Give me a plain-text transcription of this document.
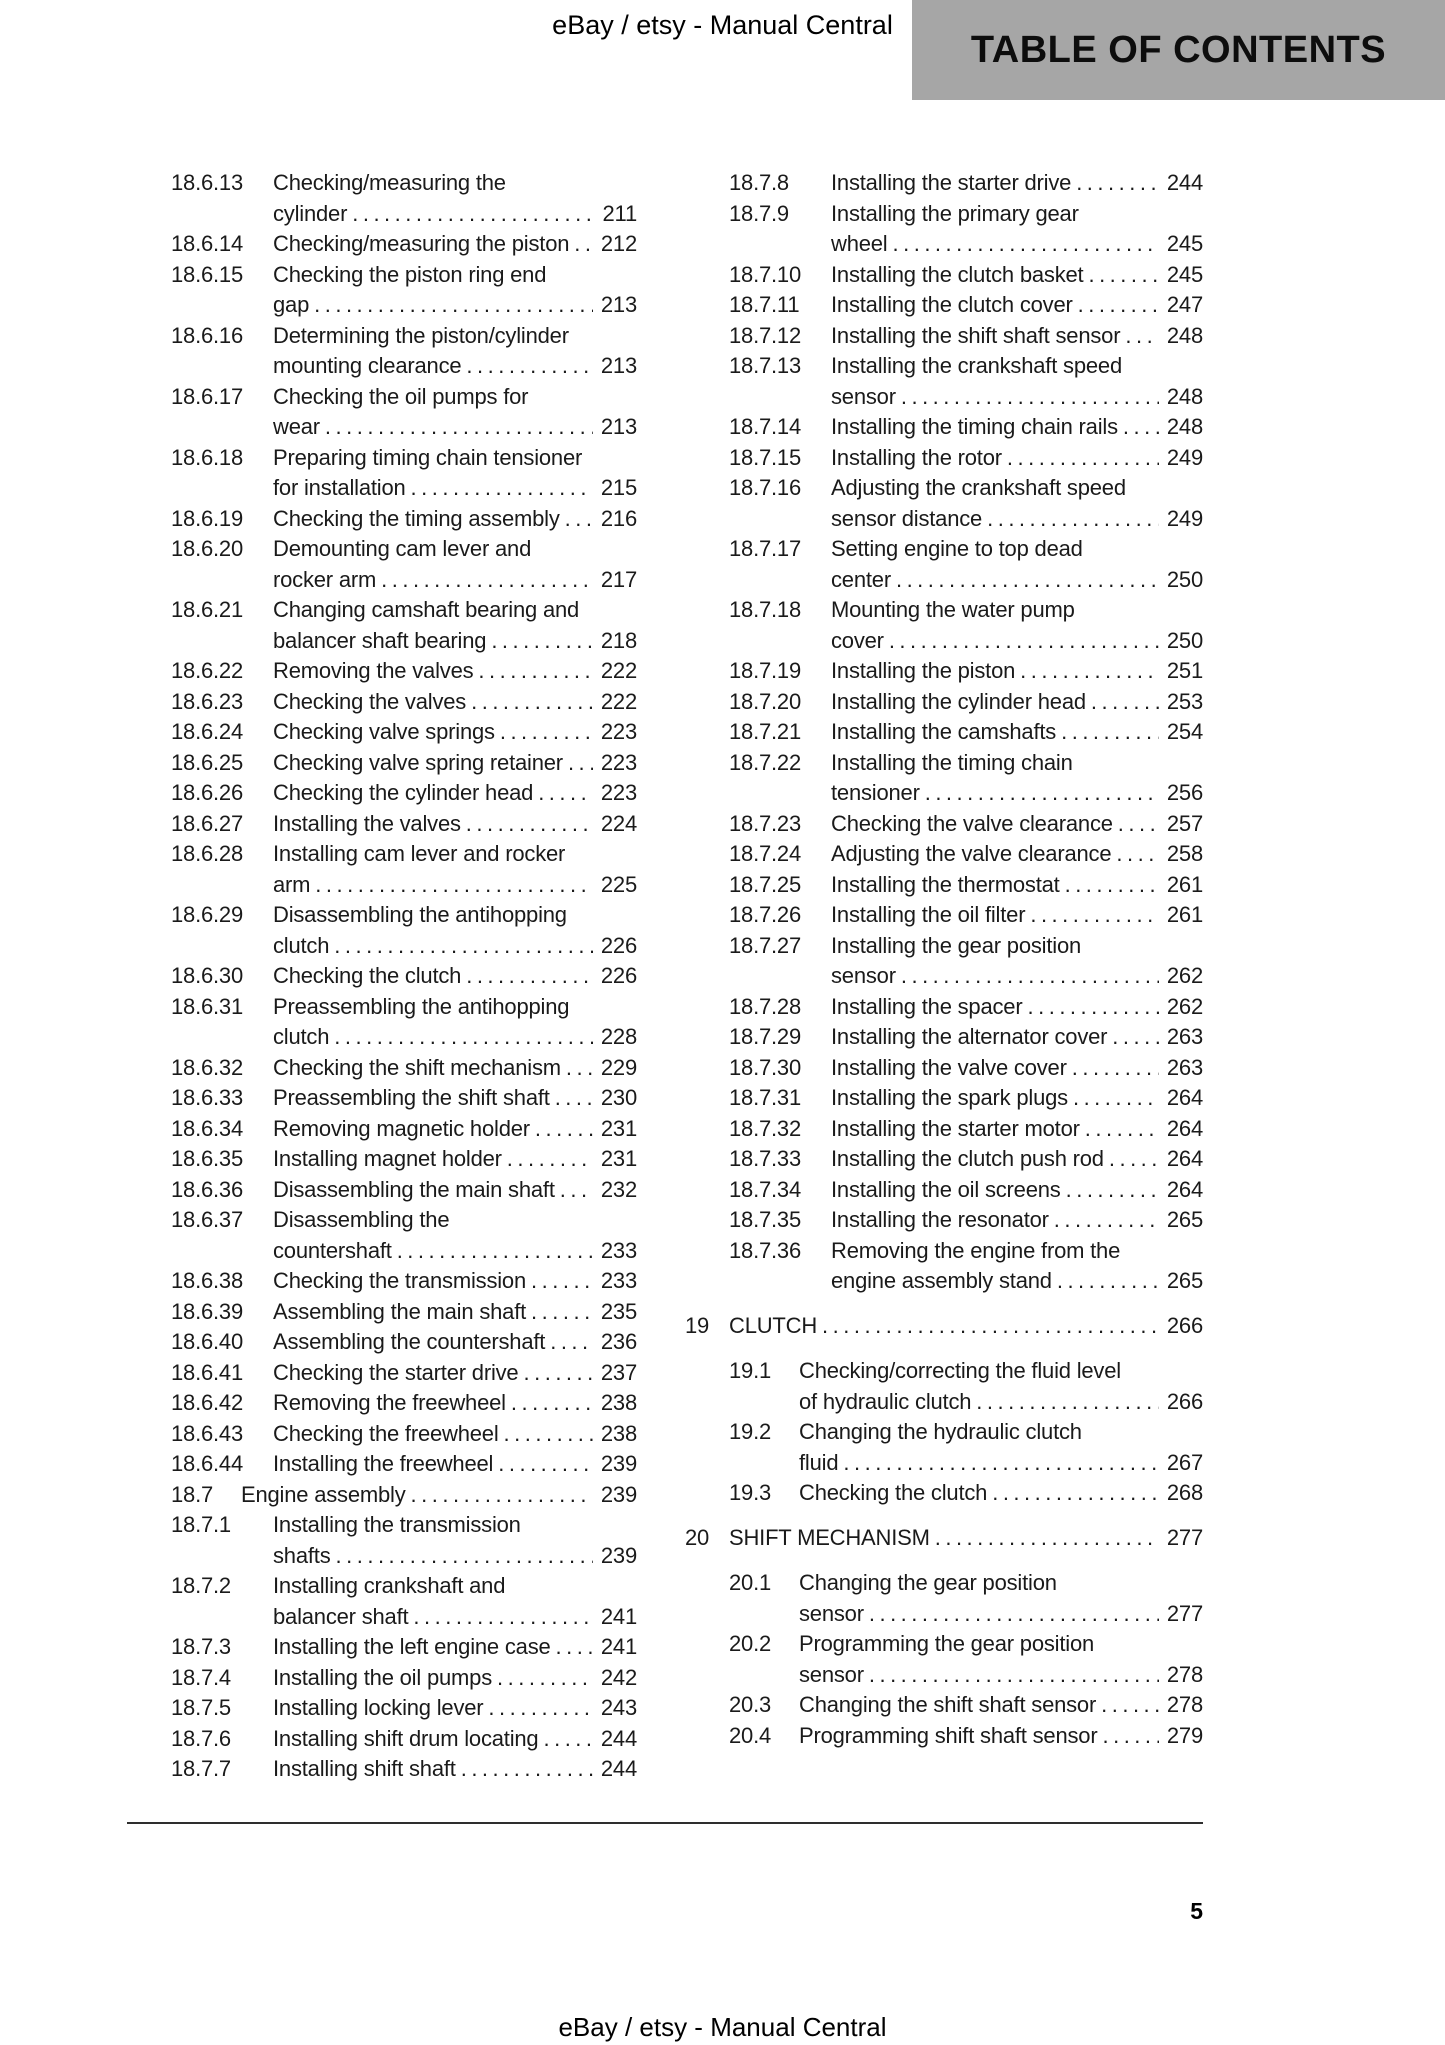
eBay / etsy - Manual Central
TABLE OF CONTENTS
18.6.13	Checking/measuring the
cylinder .....	211
18.6.14	Checking/measuring the piston ..... 212
18.6.15	Checking the piston ring end
gap .....	213
18.6.16	Determining the piston/cylinder
mounting clearance .....	213
18.6.17	Checking the oil pumps for
wear .....	213
18.6.18	Preparing timing chain tensioner
for installation .....	215
18.6.19	Checking the timing assembly ..... 216
18.6.20	Demounting cam lever and
rocker arm .....	217
18.6.21	Changing camshaft bearing and
balancer shaft bearing .....	218
18.6.22	Removing the valves .....	222
18.6.23	Checking the valves .....	222
18.6.24	Checking valve springs .....	223
18.6.25	Checking valve spring retainer ..... 223
18.6.26	Checking the cylinder head .....	223
18.6.27	Installing the valves .....	224
18.6.28	Installing cam lever and rocker
arm .....	225
18.6.29	Disassembling the antihopping
clutch .....	226
18.6.30	Checking the clutch .....	226
18.6.31	Preassembling the antihopping
clutch .....	228
18.6.32	Checking the shift mechanism ..... 229
18.6.33	Preassembling the shift shaft ..... 230
18.6.34	Removing magnetic holder .....	231
18.6.35	Installing magnet holder .....	231
18.6.36	Disassembling the main shaft ..... 232
18.6.37	Disassembling the
countershaft .....	233
18.6.38	Checking the transmission .....	233
18.6.39	Assembling the main shaft .....	235
18.6.40	Assembling the countershaft .....	236
18.6.41	Checking the starter drive .....	237
18.6.42	Removing the freewheel .....	238
18.6.43	Checking the freewheel .....	238
18.6.44	Installing the freewheel .....	239
18.7	Engine assembly .....	239
18.7.1	Installing the transmission
shafts .....	239
18.7.2	Installing crankshaft and
balancer shaft .....	241
18.7.3	Installing the left engine case ..... 241
18.7.4	Installing the oil pumps .....	242
18.7.5	Installing locking lever .....	243
18.7.6	Installing shift drum locating .....	244
18.7.7	Installing shift shaft .....	244
18.7.8	Installing the starter drive .....	244
18.7.9	Installing the primary gear
wheel .....	245
18.7.10	Installing the clutch basket .....	245
18.7.11	Installing the clutch cover .....	247
18.7.12	Installing the shift shaft sensor ..... 248
18.7.13	Installing the crankshaft speed
sensor .....	248
18.7.14	Installing the timing chain rails ..... 248
18.7.15	Installing the rotor .....	249
18.7.16	Adjusting the crankshaft speed
sensor distance .....	249
18.7.17	Setting engine to top dead
center .....	250
18.7.18	Mounting the water pump
cover .....	250
18.7.19	Installing the piston .....	251
18.7.20	Installing the cylinder head .....	253
18.7.21	Installing the camshafts .....	254
18.7.22	Installing the timing chain
tensioner .....	256
18.7.23	Checking the valve clearance ..... 257
18.7.24	Adjusting the valve clearance .....	258
18.7.25	Installing the thermostat .....	261
18.7.26	Installing the oil filter .....	261
18.7.27	Installing the gear position
sensor .....	262
18.7.28	Installing the spacer .....	262
18.7.29	Installing the alternator cover .....	263
18.7.30	Installing the valve cover .....	263
18.7.31	Installing the spark plugs .....	264
18.7.32	Installing the starter motor .....	264
18.7.33	Installing the clutch push rod .....	264
18.7.34	Installing the oil screens .....	264
18.7.35	Installing the resonator .....	265
18.7.36	Removing the engine from the
engine assembly stand .....	265
19 CLUTCH .....	266
19.1	Checking/correcting the fluid level
of hydraulic clutch .....	266
19.2	Changing the hydraulic clutch
fluid .....	267
19.3	Checking the clutch .....	268
20 SHIFT MECHANISM .....	277
20.1	Changing the gear position
sensor .....	277
20.2	Programming the gear position
sensor .....	278
20.3	Changing the shift shaft sensor .....	278
20.4	Programming shift shaft sensor .....	279
5
eBay / etsy - Manual Central
